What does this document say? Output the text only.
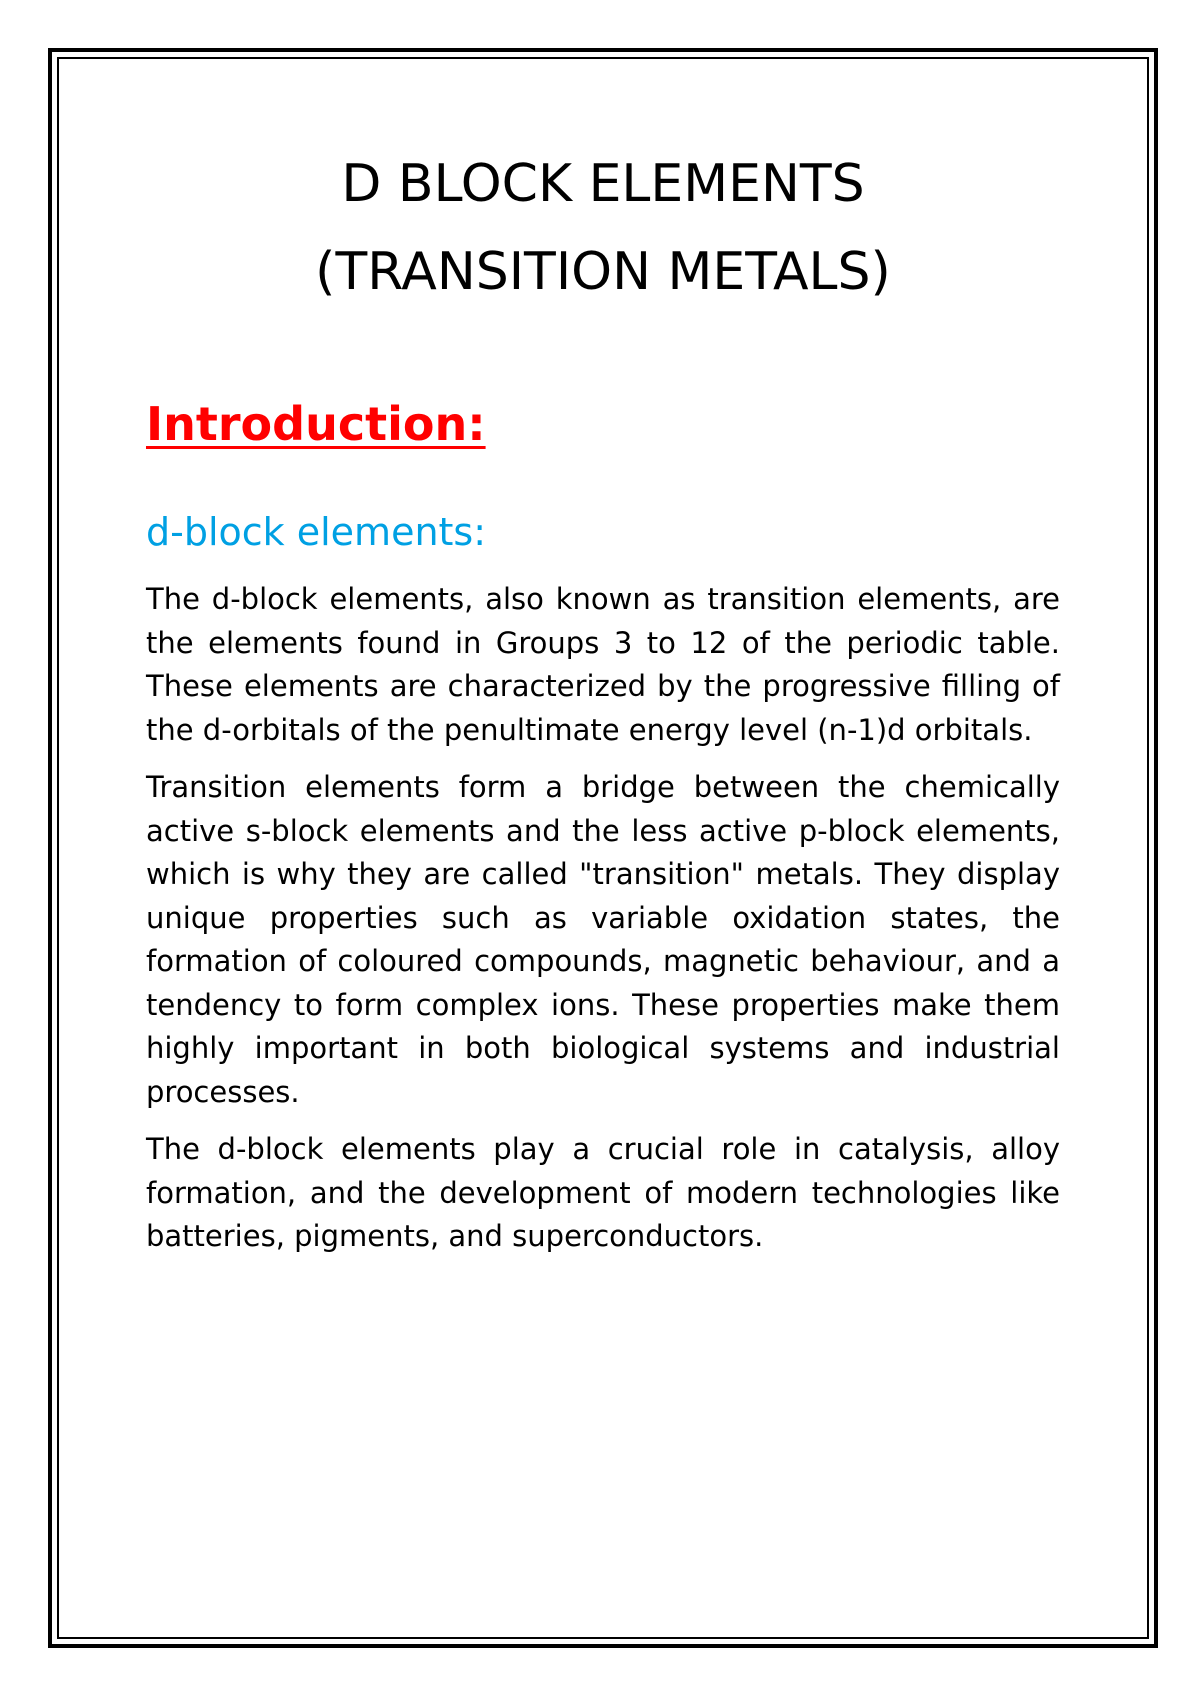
D BLOCK ELEMENTS
(TRANSITION METALS)
Introduction:
d-block elements:

The d-block elements, also known as transition elements, are the elements found in Groups 3 to 12 of the periodic table. These elements are characterized by the progressive filling of the d-orbitals of the penultimate energy level (n-1)d orbitals.

Transition elements form a bridge between the chemically active s-block elements and the less active p-block elements, which is why they are called "transition" metals. They display unique properties such as variable oxidation states, the formation of coloured compounds, magnetic behaviour, and a tendency to form complex ions. These properties make them highly important in both biological systems and industrial processes.

The d-block elements play a crucial role in catalysis, alloy formation, and the development of modern technologies like batteries, pigments, and superconductors.
